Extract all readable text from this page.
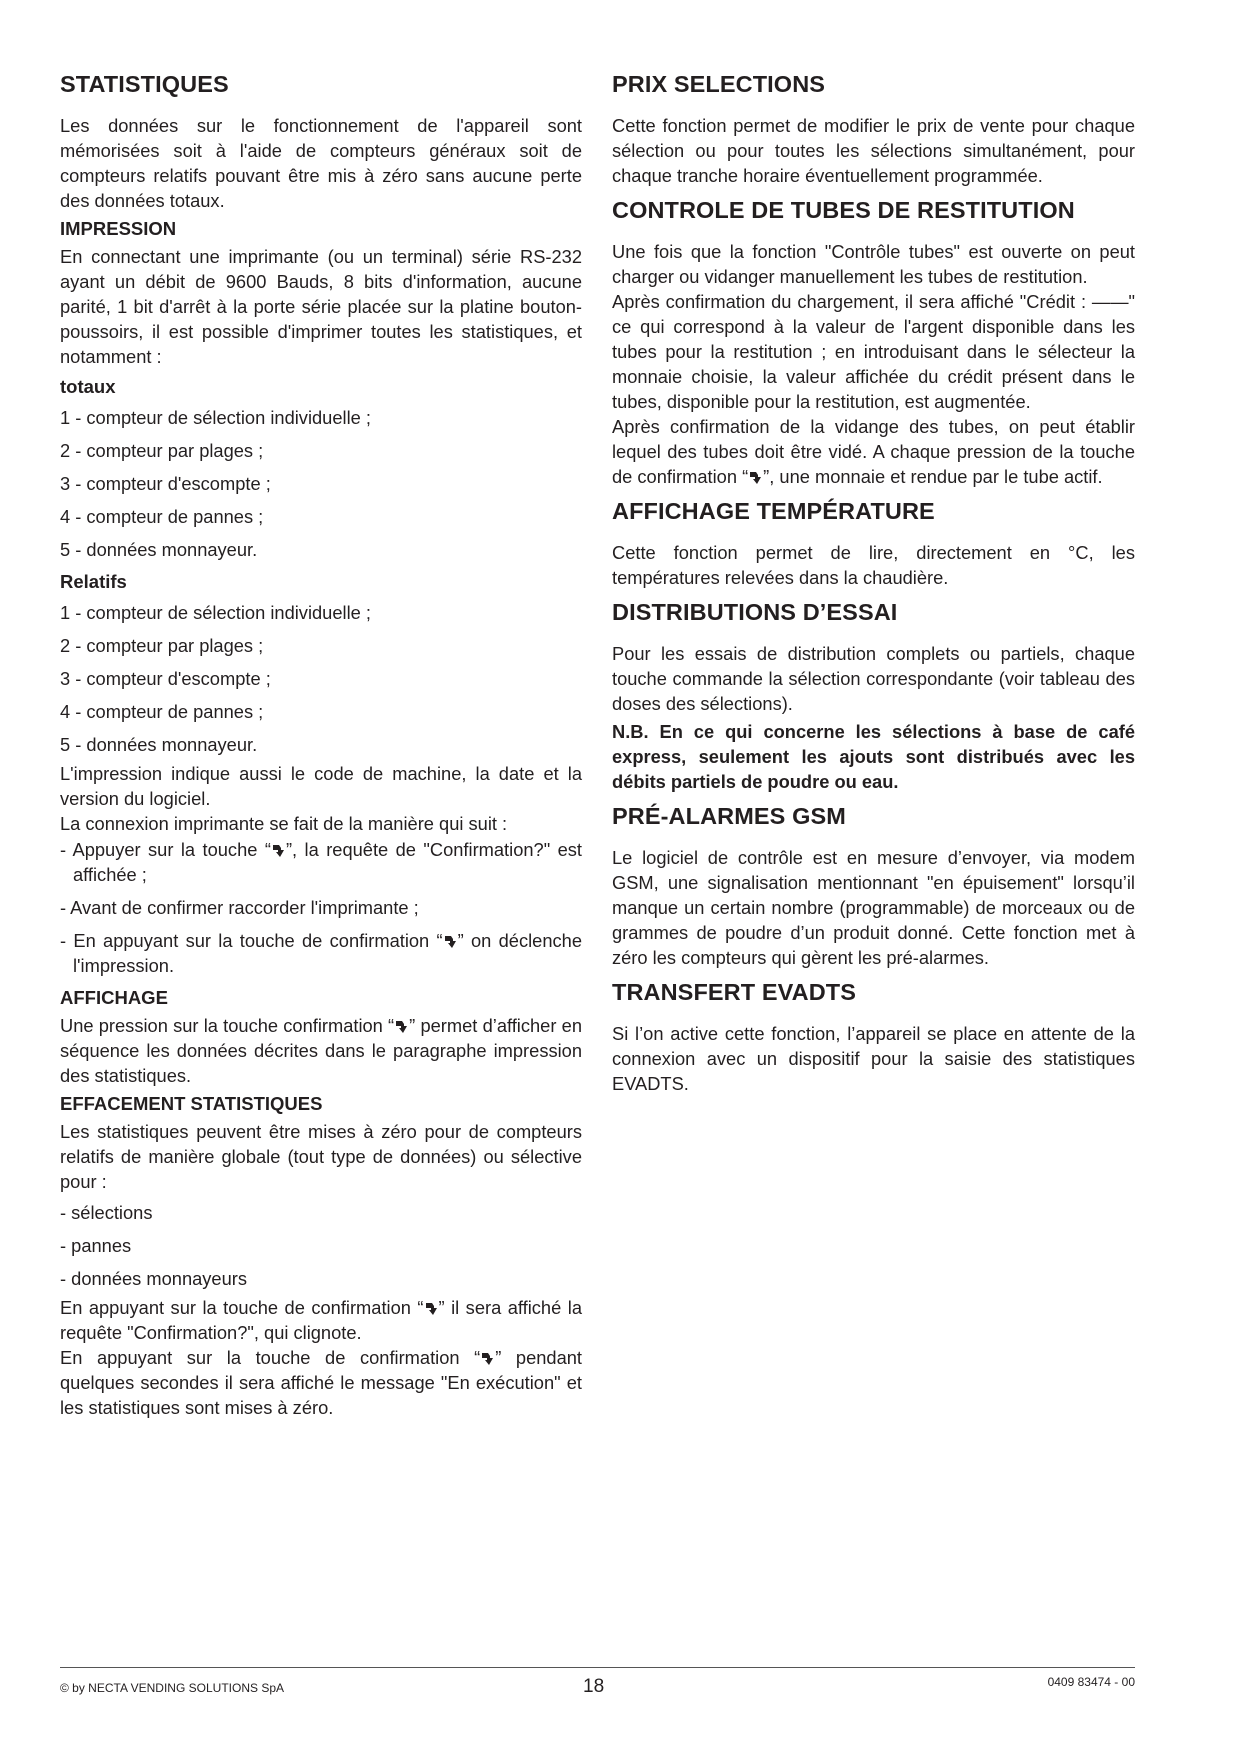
STATISTIQUES

Les données sur le fonctionnement de l'appareil sont mémorisées soit à l'aide de compteurs généraux soit de compteurs relatifs pouvant être mis à zéro sans aucune perte des données totaux.

IMPRESSION

En connectant une imprimante (ou un terminal) série RS-232 ayant un débit de 9600 Bauds, 8 bits d'information, aucune parité, 1 bit d'arrêt à la porte série placée sur la platine bouton-poussoirs, il est possible d'imprimer toutes les statistiques, et notamment :

totaux

1 - compteur de sélection individuelle ;

2 - compteur par plages ;

3 - compteur d'escompte ;

4 - compteur de pannes ;

5 - données monnayeur.

Relatifs

1 - compteur de sélection individuelle ;

2 - compteur par plages ;

3 - compteur d'escompte ;

4 - compteur de pannes ;

5 - données monnayeur.

L'impression indique aussi le code de machine, la date et la version du logiciel.

La connexion imprimante se fait de la manière qui suit :

- Appuyer sur la touche “ ”, la requête de "Confirmation?" est affichée ;

- Avant de confirmer raccorder l'imprimante ;

- En appuyant sur la touche de confirmation “ ” on déclenche l'impression.

AFFICHAGE

Une pression sur la touche confirmation “ ” permet d’afficher en séquence les données décrites dans le paragraphe impression des statistiques.

EFFACEMENT STATISTIQUES

Les statistiques peuvent être mises à zéro pour de compteurs relatifs de manière globale (tout type de données) ou sélective pour :

- sélections

- pannes

- données monnayeurs

En appuyant sur la touche de confirmation “ ” il sera affiché la requête "Confirmation?", qui clignote.

En appuyant sur la touche de confirmation “ ” pendant quelques secondes il sera affiché le message "En exécution" et les statistiques sont mises à zéro.

PRIX SELECTIONS

Cette fonction permet de modifier le prix de vente pour chaque sélection ou pour toutes les sélections simultanément, pour chaque tranche horaire éventuellement programmée.

CONTROLE DE TUBES DE RESTITUTION

Une fois que la fonction "Contrôle tubes" est ouverte on peut charger ou vidanger manuellement les tubes de restitution.

Après confirmation du chargement, il sera affiché "Crédit : ——" ce qui correspond à la valeur de l'argent disponible dans les tubes pour la restitution ; en introduisant dans le sélecteur la monnaie choisie, la valeur affichée du crédit présent dans le tubes, disponible pour la restitution, est augmentée.

Après confirmation de la vidange des tubes, on peut établir lequel des tubes doit être vidé. A chaque pression de la touche de confirmation “ ”, une monnaie et rendue par le tube actif.

AFFICHAGE TEMPÉRATURE

Cette fonction permet de lire, directement en °C, les températures relevées dans la chaudière.

DISTRIBUTIONS D’ESSAI

Pour les essais de distribution complets ou partiels, chaque touche commande la sélection correspondante (voir tableau des doses des sélections).

N.B. En ce qui concerne les sélections à base de café express, seulement les ajouts sont distribués avec les débits partiels de poudre ou eau.

PRÉ-ALARMES GSM

Le logiciel de contrôle est en mesure d’envoyer, via modem GSM, une signalisation mentionnant "en épuisement" lorsqu’il manque un certain nombre (programmable) de morceaux ou de grammes de poudre d’un produit donné. Cette fonction met à zéro les compteurs qui gèrent les pré-alarmes.

TRANSFERT EVADTS

Si l’on active cette fonction, l’appareil se place en attente de la connexion avec un dispositif pour la saisie des statistiques EVADTS.

© by NECTA VENDING SOLUTIONS SpA	18	0409 83474 - 00
